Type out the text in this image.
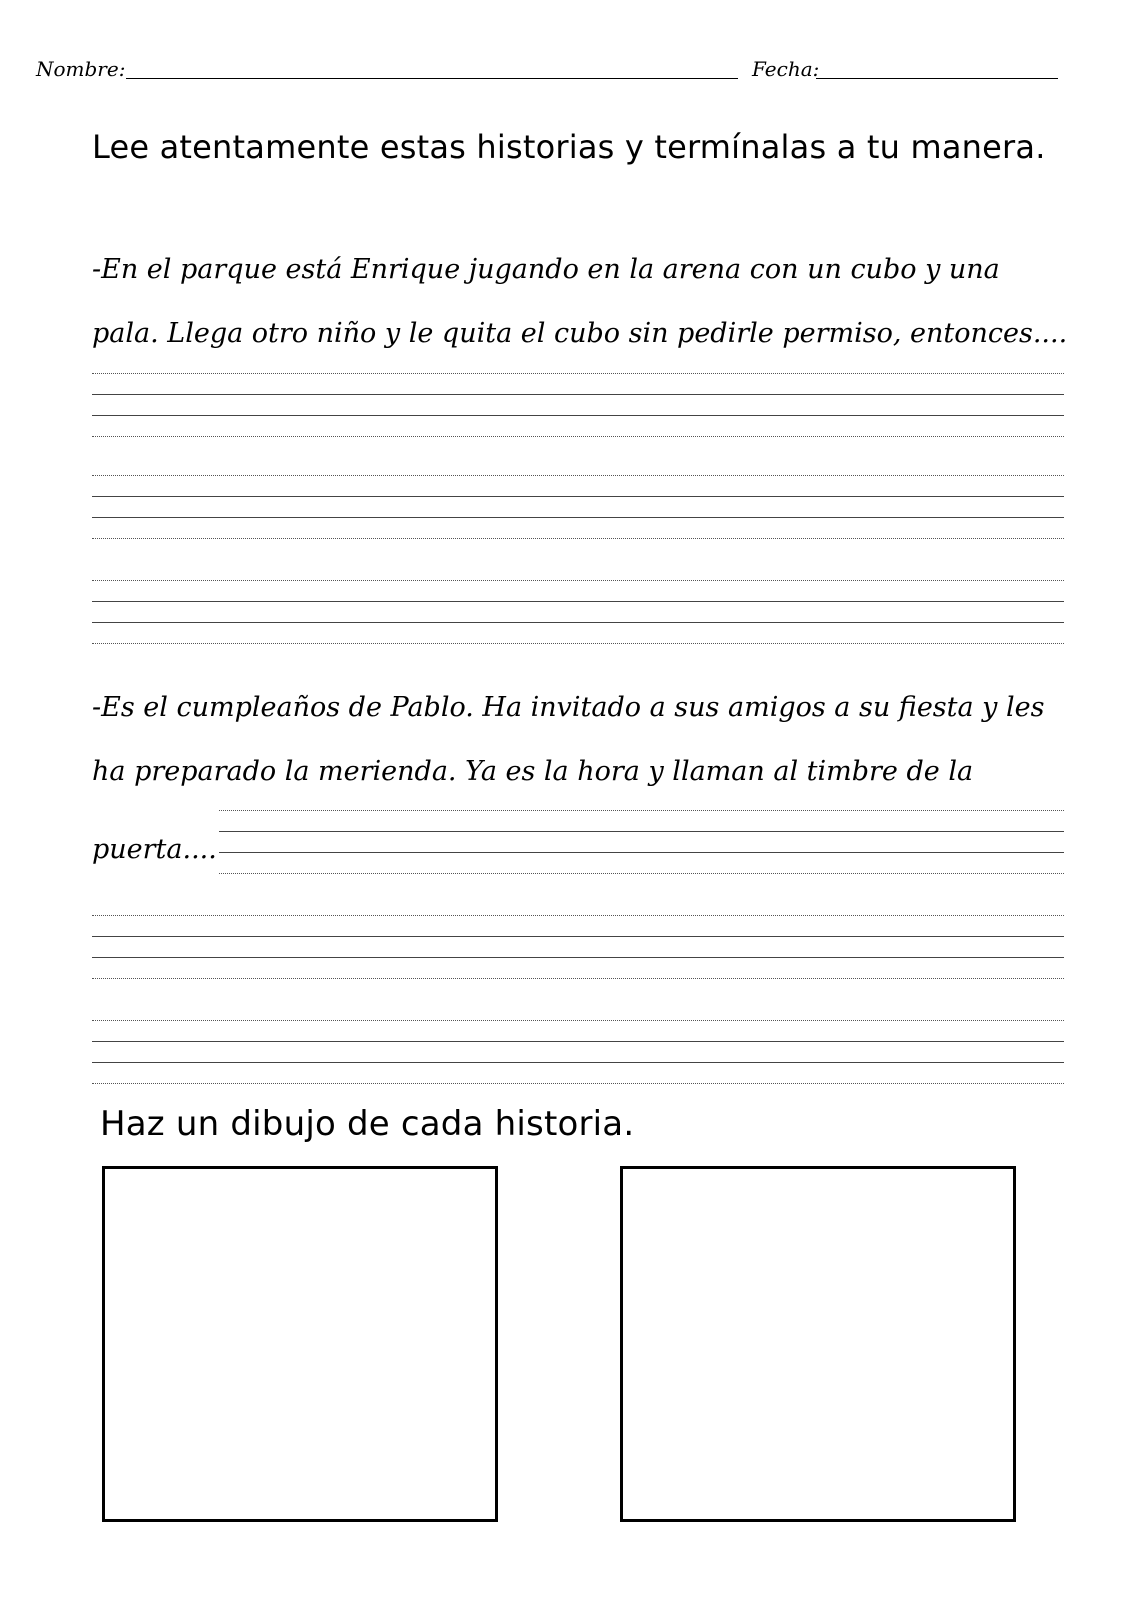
Nombre:	Fecha:
Lee atentamente estas historias y termínalas a tu manera.
-En el parque está Enrique jugando en la arena con un cubo y una
pala. Llega otro niño y le quita el cubo sin pedirle permiso, entonces....
-Es el cumpleaños de Pablo. Ha invitado a sus amigos a su fiesta y les
ha preparado la merienda. Ya es la hora y llaman al timbre de la
puerta....
Haz un dibujo de cada historia.
